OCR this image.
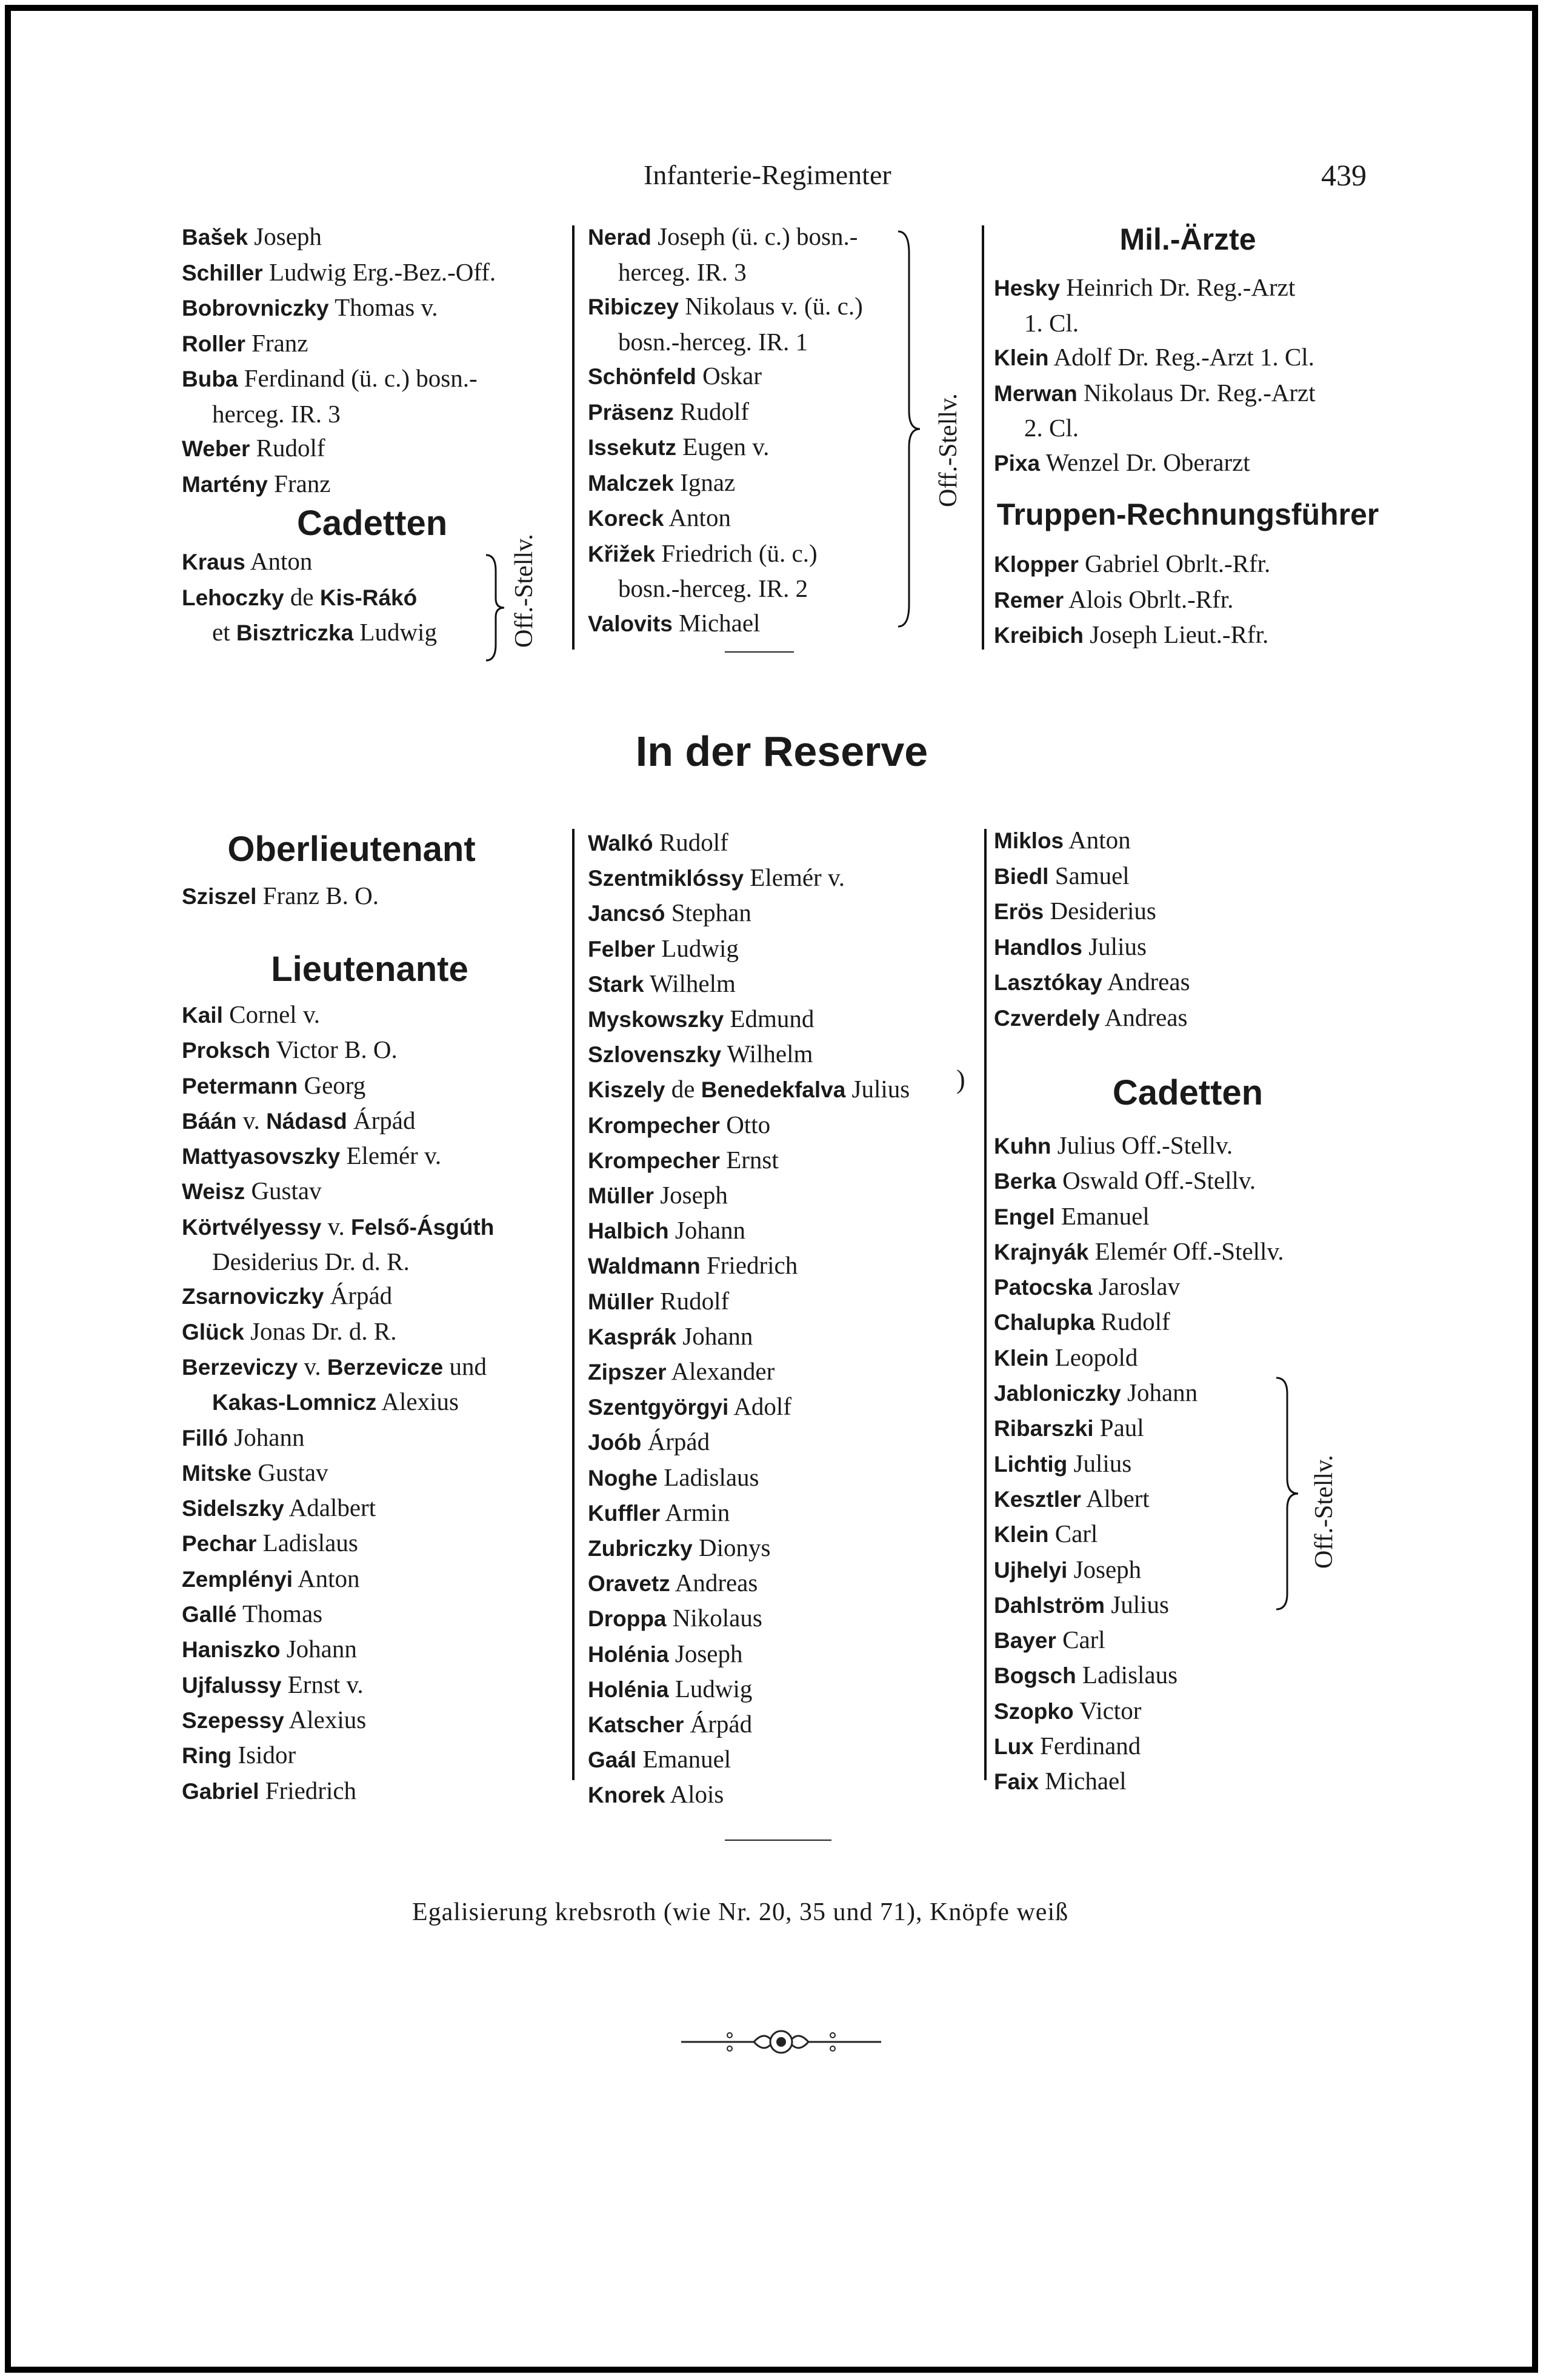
Infanterie-Regimenter	439
Bašek Joseph
Schiller Ludwig Erg.-Bez.-Off.
Bobrovniczky Thomas v.
Roller Franz
Buba Ferdinand (ü. c.) bosn.-
herceg. IR. 3
Weber Rudolf
Martény Franz
Cadetten
Kraus Anton
Lehoczky de Kis-Rákó
et Bisztriczka Ludwig	Off.-Stellv.
Nerad Joseph (ü. c.) bosn.-
herceg. IR. 3
Ribiczey Nikolaus v. (ü. c.)
bosn.-herceg. IR. 1
Schönfeld Oskar
Präsenz Rudolf
Issekutz Eugen v.
Malczek Ignaz
Koreck Anton
Křižek Friedrich (ü. c.)
bosn.-herceg. IR. 2
Valovits Michael
Off.-Stellv.
Mil.-Ärzte
Hesky Heinrich Dr. Reg.-Arzt
1. Cl.
Klein Adolf Dr. Reg.-Arzt 1. Cl.
Merwan Nikolaus Dr. Reg.-Arzt
2. Cl.
Pixa Wenzel Dr. Oberarzt
Truppen-Rechnungsführer
Klopper Gabriel Obrlt.-Rfr.
Remer Alois Obrlt.-Rfr.
Kreibich Joseph Lieut.-Rfr.
In der Reserve
Oberlieutenant
Sziszel Franz B. O.
Lieutenante
Kail Cornel v.
Proksch Victor B. O.
Petermann Georg
Báán v. Nádasd Árpád
Mattyasovszky Elemér v.
Weisz Gustav
Körtvélyessy v. Felső-Ásgúth
Desiderius Dr. d. R.
Zsarnoviczky Árpád
Glück Jonas Dr. d. R.
Berzeviczy v. Berzevicze und
Kakas-Lomnicz Alexius
Filló Johann
Mitske Gustav
Sidelszky Adalbert
Pechar Ladislaus
Zemplényi Anton
Gallé Thomas
Haniszko Johann
Ujfalussy Ernst v.
Szepessy Alexius
Ring Isidor
Gabriel Friedrich
Walkó Rudolf
Szentmiklóssy Elemér v.
Jancsó Stephan
Felber Ludwig
Stark Wilhelm
Myskowszky Edmund
Szlovenszky Wilhelm
Kiszely de Benedekfalva Julius
Krompecher Otto
Krompecher Ernst
Müller Joseph
Halbich Johann
Waldmann Friedrich
Müller Rudolf
Kasprák Johann
Zipszer Alexander
Szentgyörgyi Adolf
Joób Árpád
Noghe Ladislaus
Kuffler Armin
Zubriczky Dionys
Oravetz Andreas
Droppa Nikolaus
Holénia Joseph
Holénia Ludwig
Katscher Árpád
Gaál Emanuel
Knorek Alois
)
Miklos Anton
Biedl Samuel
Erös Desiderius
Handlos Julius
Lasztókay Andreas
Czverdely Andreas
Cadetten
Kuhn Julius Off.-Stellv.
Berka Oswald Off.-Stellv.
Engel Emanuel
Krajnyák Elemér Off.-Stellv.
Patocska Jaroslav
Chalupka Rudolf
Klein Leopold
Jabloniczky Johann
Ribarszki Paul
Lichtig Julius
Kesztler Albert
Klein Carl
Ujhelyi Joseph
Dahlström Julius
Bayer Carl
Bogsch Ladislaus
Szopko Victor
Lux Ferdinand
Faix Michael
Off.-Stellv.
Egalisierung krebsroth (wie Nr. 20, 35 und 71), Knöpfe weiß
